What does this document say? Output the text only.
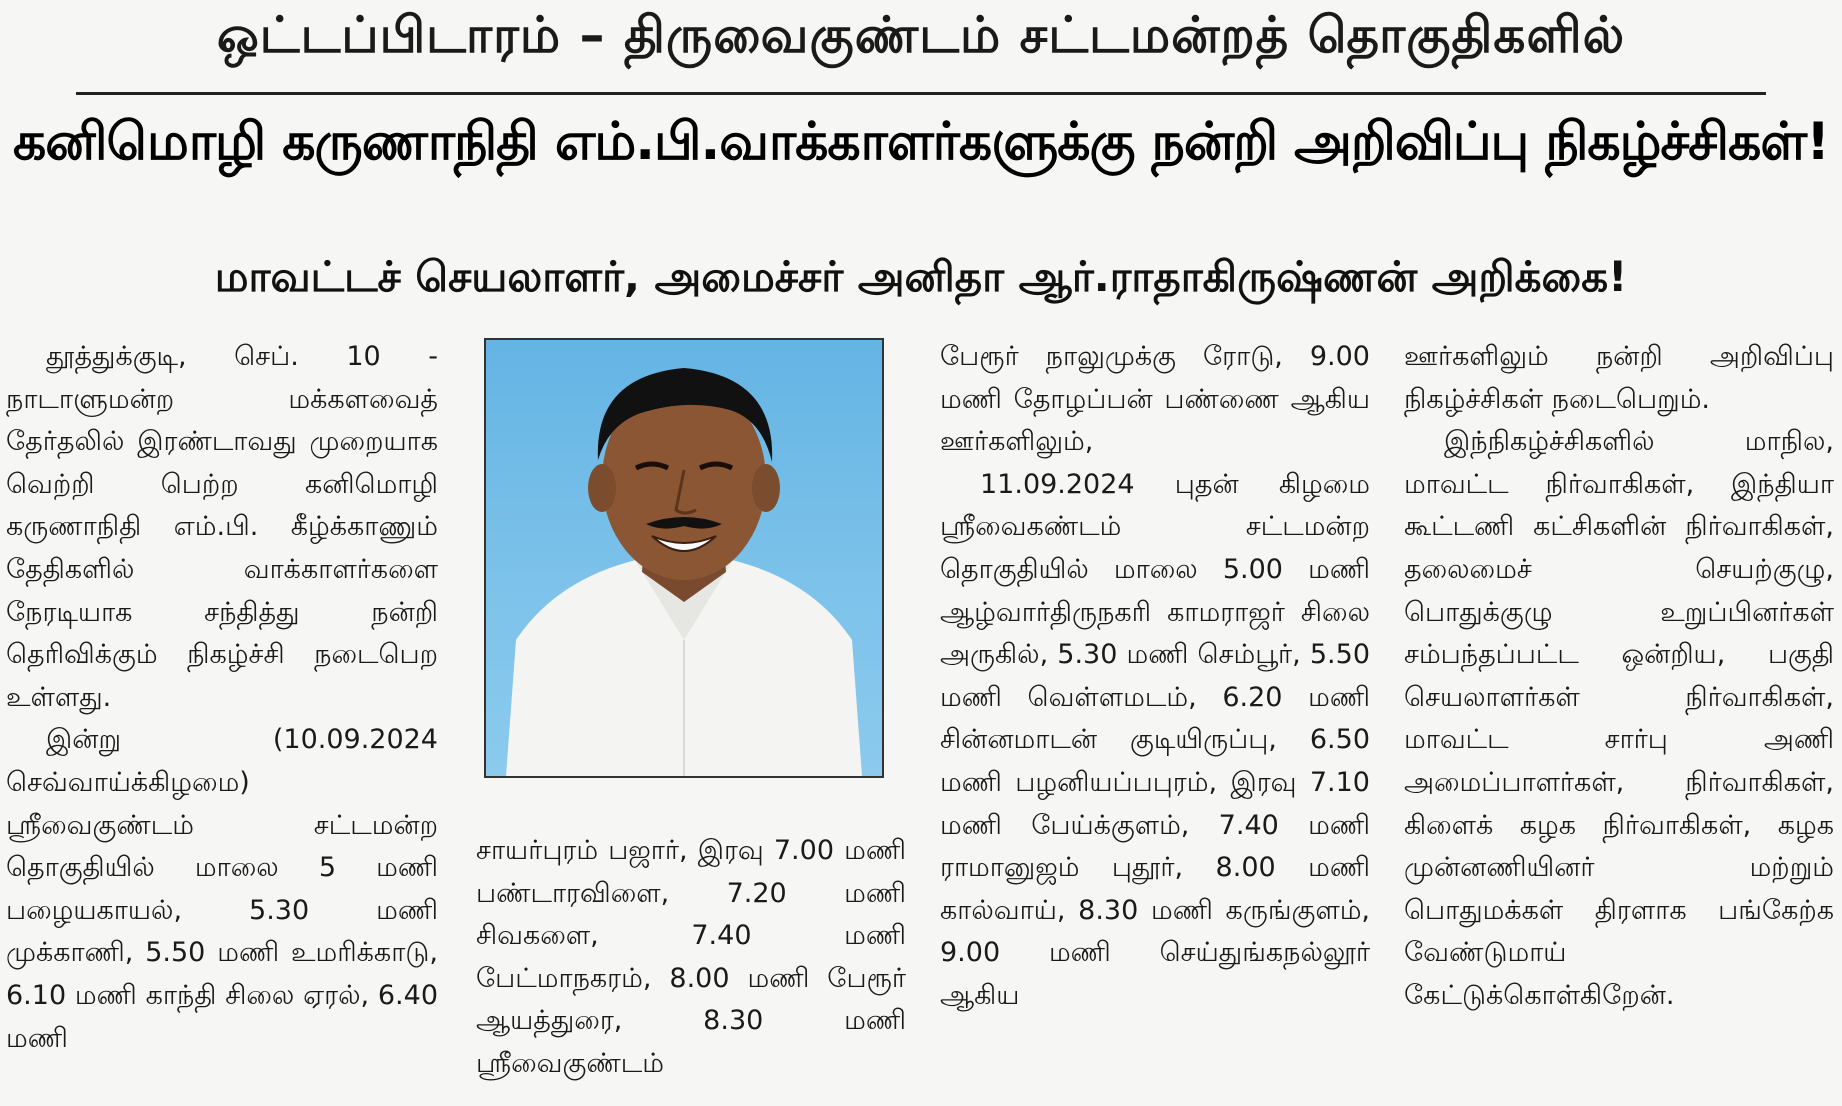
ஒட்டப்பிடாரம் – திருவைகுண்டம் சட்டமன்றத் தொகுதிகளில்
கனிமொழி கருணாநிதி எம்.பி.வாக்காளர்களுக்கு நன்றி அறிவிப்பு நிகழ்ச்சிகள்!
மாவட்டச் செயலாளர், அமைச்சர் அனிதா ஆர்.ராதாகிருஷ்ணன் அறிக்கை!

தூத்துக்குடி, செப். 10 - நாடாளுமன்ற மக்களவைத் தேர்தலில் இரண்டாவது முறையாக வெற்றி பெற்ற கனிமொழி கருணாநிதி எம்.பி. கீழ்க்காணும் தேதிகளில் வாக்காளர்களை நேரடியாக சந்தித்து நன்றி தெரிவிக்கும் நிகழ்ச்சி நடைபெற உள்ளது.

இன்று (10.09.2024 செவ்வாய்க்கிழமை) ஸ்ரீவைகுண்டம் சட்டமன்ற தொகுதியில் மாலை 5 மணி பழையகாயல், 5.30 மணி முக்காணி, 5.50 மணி உமரிக்காடு, 6.10 மணி காந்தி சிலை ஏரல், 6.40 மணி

சாயர்புரம் பஜார், இரவு 7.00 மணி பண்டாரவிளை, 7.20 மணி சிவகளை, 7.40 மணி பேட்மாநகரம், 8.00 மணி பேரூர் ஆயத்துரை, 8.30 மணி ஸ்ரீவைகுண்டம்

பேரூர் நாலுமுக்கு ரோடு, 9.00 மணி தோழப்பன் பண்ணை ஆகிய ஊர்களிலும்,

11.09.2024 புதன் கிழமை ஸ்ரீவைகண்டம் சட்டமன்ற தொகுதியில் மாலை 5.00 மணி ஆழ்வார்திருநகரி காமராஜர் சிலை அருகில், 5.30 மணி செம்பூர், 5.50 மணி வெள்ளமடம், 6.20 மணி சின்னமாடன் குடியிருப்பு, 6.50 மணி பழனியப்பபுரம், இரவு 7.10 மணி பேய்க்குளம், 7.40 மணி ராமானுஜம் புதூர், 8.00 மணி கால்வாய், 8.30 மணி கருங்குளம், 9.00 மணி செய்துங்கநல்லூர் ஆகிய

ஊர்களிலும் நன்றி அறிவிப்பு நிகழ்ச்சிகள் நடைபெறும்.

இந்நிகழ்ச்சிகளில் மாநில, மாவட்ட நிர்வாகிகள், இந்தியா கூட்டணி கட்சிகளின் நிர்வாகிகள், தலைமைச் செயற்குழு, பொதுக்குழு உறுப்பினர்கள் சம்பந்தப்பட்ட ஒன்றிய, பகுதி செயலாளர்கள் நிர்வாகிகள், மாவட்ட சார்பு அணி அமைப்பாளர்கள், நிர்வாகிகள், கிளைக் கழக நிர்வாகிகள், கழக முன்னணியினர் மற்றும் பொதுமக்கள் திரளாக பங்கேற்க வேண்டுமாய் கேட்டுக்கொள்கிறேன்.
